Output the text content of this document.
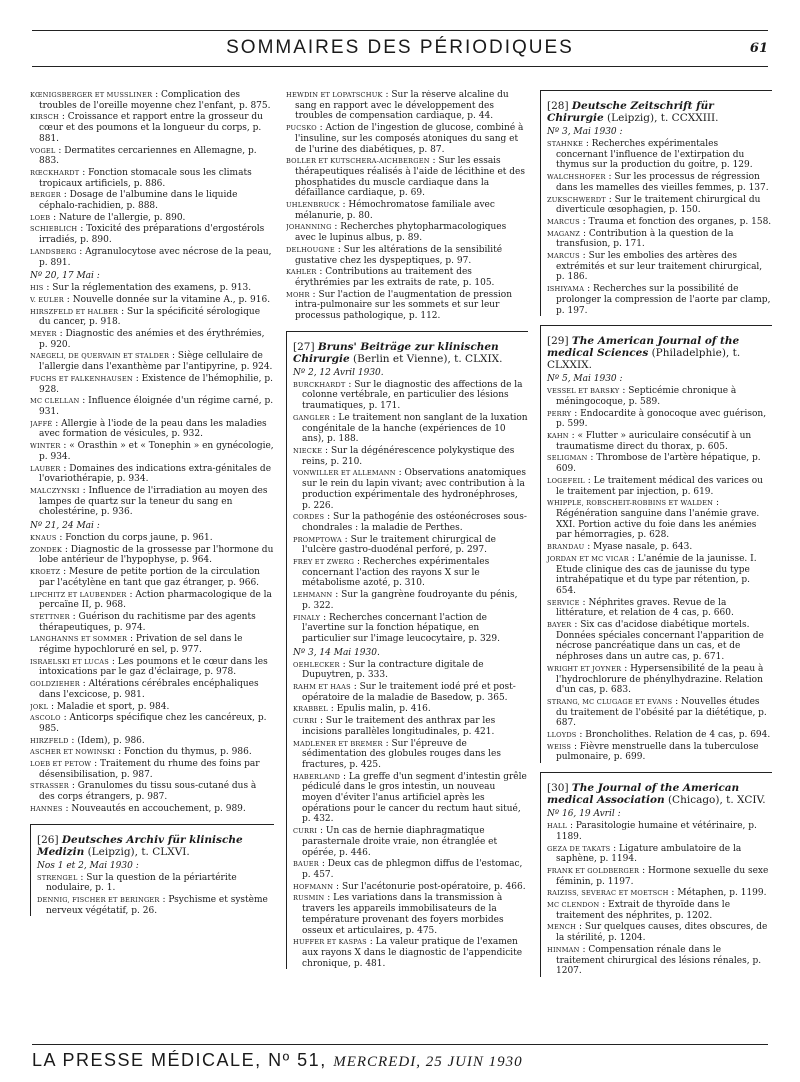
SOMMAIRES DES PÉRIODIQUES	61
KŒNIGSBERGER ET MUSSLINER : Complication des troubles de l'oreille moyenne chez l'enfant, p. 875.
KIRSCH : Croissance et rapport entre la grosseur du cœur et des poumons et la longueur du corps, p. 881.
VOGEL : Dermatites cercariennes en Allemagne, p. 883.
RŒCKHARDT : Fonction stomacale sous les climats tropicaux artificiels, p. 886.
BERGER : Dosage de l'albumine dans le liquide céphalo-rachidien, p. 888.
LOEB : Nature de l'allergie, p. 890.
SCHIEBLICH : Toxicité des préparations d'ergostérols irradiés, p. 890.
LANDSBERG : Agranulocytose avec nécrose de la peau, p. 891.
Nº 20, 17 Mai :
HIS : Sur la réglementation des examens, p. 913.
V. EULER : Nouvelle donnée sur la vitamine A., p. 916.
HIRSZFELD ET HALBER : Sur la spécificité sérologique du cancer, p. 918.
MEYER : Diagnostic des anémies et des érythrémies, p. 920.
NAEGELI, DE QUERVAIN ET STALDER : Siège cellulaire de l'allergie dans l'exanthème par l'antipyrine, p. 924.
FUCHS ET FALKENHAUSEN : Existence de l'hémophilie, p. 928.
MC CLELLAN : Influence éloignée d'un régime carné, p. 931.
JAFFÉ : Allergie à l'iode de la peau dans les maladies avec formation de vésicules, p. 932.
WINTER : « Orasthin » et « Tonephin » en gynécologie, p. 934.
LAUBER : Domaines des indications extra-génitales de l'ovariothérapie, p. 934.
MALCZYNSKI : Influence de l'irradiation au moyen des lampes de quartz sur la teneur du sang en cholestérine, p. 936.
Nº 21, 24 Mai :
KNAUS : Fonction du corps jaune, p. 961.
ZONDEK : Diagnostic de la grossesse par l'hormone du lobe antérieur de l'hypophyse, p. 964.
KROETZ : Mesure de petite portion de la circulation par l'acétylène en tant que gaz étranger, p. 966.
LIPCHITZ ET LAUBENDER : Action pharmacologique de la percaïne II, p. 968.
STETTNER : Guérison du rachitisme par des agents thérapeutiques, p. 974.
LANGHANNS ET SOMMER : Privation de sel dans le régime hypochloruré en sel, p. 977.
ISRAELSKI ET LUCAS : Les poumons et le cœur dans les intoxications par le gaz d'éclairage, p. 978.
GOLDZIEHER : Altérations cérébrales encéphaliques dans l'excicose, p. 981.
JOKL : Maladie et sport, p. 984.
ASCOLO : Anticorps spécifique chez les cancéreux, p. 985.
HIRZFELD : (Idem), p. 986.
ASCHER ET NOWINSKI : Fonction du thymus, p. 986.
LOEB ET PETOW : Traitement du rhume des foins par désensibilisation, p. 987.
STRASSER : Granulomes du tissu sous-cutané dus à des corps étrangers, p. 987.
HANNES : Nouveautés en accouchement, p. 989.
[26] Deutsches Archiv für klinische Medizin (Leipzig), t. CLXVI.
Nos 1 et 2, Mai 1930 :
STRENGEL : Sur la question de la périartérite nodulaire, p. 1.
DENNIG, FISCHER ET BERINGER : Psychisme et système nerveux végétatif, p. 26.
HEWDIN ET LOPATSCHUK : Sur la réserve alcaline du sang en rapport avec le développement des troubles de compensation cardiaque, p. 44.
PUCSKO : Action de l'ingestion de glucose, combiné à l'insuline, sur les composés atoniques du sang et de l'urine des diabétiques, p. 87.
BOLLER ET KUTSCHERA-AICHBERGEN : Sur les essais thérapeutiques réalisés à l'aide de lécithine et des phosphatides du muscle cardiaque dans la défaillance cardiaque, p. 69.
UHLENBRUCK : Hémochromatose familiale avec mélanurie, p. 80.
JOHANNING : Recherches phytopharmacologiques avec le lupinus albus, p. 89.
DELHOUGNE : Sur les altérations de la sensibilité gustative chez les dyspeptiques, p. 97.
KAHLER : Contributions au traitement des érythrémies par les extraits de rate, p. 105.
MOHR : Sur l'action de l'augmentation de pression intra-pulmonaire sur les sommets et sur leur processus pathologique, p. 112.
[27] Bruns' Beiträge zur klinischen Chirurgie (Berlin et Vienne), t. CLXIX.
Nº 2, 12 Avril 1930.
BURCKHARDT : Sur le diagnostic des affections de la colonne vertébrale, en particulier des lésions traumatiques, p. 171.
GANGLER : Le traitement non sanglant de la luxation congénitale de la hanche (expériences de 10 ans), p. 188.
NIECKE : Sur la dégénérescence polykystique des reins, p. 210.
VONWILLER ET ALLEMANN : Observations anatomiques sur le rein du lapin vivant; avec contribution à la production expérimentale des hydronéphroses, p. 226.
CORDES : Sur la pathogénie des ostéonécroses sous-chondrales : la maladie de Perthes.
PROMPTOWA : Sur le traitement chirurgical de l'ulcère gastro-duodénal perforé, p. 297.
FREY ET ZWERG : Recherches expérimentales concernant l'action des rayons X sur le métabolisme azoté, p. 310.
LEHMANN : Sur la gangrène foudroyante du pénis, p. 322.
FINALY : Recherches concernant l'action de l'avertine sur la fonction hépatique, en particulier sur l'image leucocytaire, p. 329.
Nº 3, 14 Mai 1930.
OEHLECKER : Sur la contracture digitale de Dupuytren, p. 333.
RAHM ET HAAS : Sur le traitement iodé pré et post-opératoire de la maladie de Basedow, p. 365.
KRABBEL : Epulis malin, p. 416.
CURRI : Sur le traitement des anthrax par les incisions parallèles longitudinales, p. 421.
MADLENER ET BREMER : Sur l'épreuve de sédimentation des globules rouges dans les fractures, p. 425.
HABERLAND : La greffe d'un segment d'intestin grêle pédiculé dans le gros intestin, un nouveau moyen d'éviter l'anus artificiel après les opérations pour le cancer du rectum haut situé, p. 432.
CURRI : Un cas de hernie diaphragmatique parasternale droite vraie, non étranglée et opérée, p. 446.
BAUER : Deux cas de phlegmon diffus de l'estomac, p. 457.
HOFMANN : Sur l'acétonurie post-opératoire, p. 466.
RUSMIN : Les variations dans la transmission à travers les appareils immobilisateurs de la température provenant des foyers morbides osseux et articulaires, p. 475.
HUFFER ET KASPAS : La valeur pratique de l'examen aux rayons X dans le diagnostic de l'appendicite chronique, p. 481.
[28] Deutsche Zeitschrift für Chirurgie (Leipzig), t. CCXXIII.
Nº 3, Mai 1930 :
STAHNKE : Recherches expérimentales concernant l'influence de l'extirpation du thymus sur la production du goitre, p. 129.
WALCHSHOFER : Sur les processus de régression dans les mamelles des vieilles femmes, p. 137.
ZUKSCHWERDT : Sur le traitement chirurgical du diverticule œsophagien, p. 150.
MARCUS : Trauma et fonction des organes, p. 158.
MAGANZ : Contribution à la question de la transfusion, p. 171.
MARCUS : Sur les embolies des artères des extrémités et sur leur traitement chirurgical, p. 186.
ISHIYAMA : Recherches sur la possibilité de prolonger la compression de l'aorte par clamp, p. 197.
[29] The American Journal of the medical Sciences (Philadelphie), t. CLXXIX.
Nº 5, Mai 1930 :
VESSEL ET BARSKY : Septicémie chronique à méningocoque, p. 589.
PERRY : Endocardite à gonocoque avec guérison, p. 599.
KAHN : « Flutter » auriculaire consécutif à un traumatisme direct du thorax, p. 605.
SELIGMAN : Thrombose de l'artère hépatique, p. 609.
LOGEFEIL : Le traitement médical des varices ou le traitement par injection, p. 619.
WHIPPLE, ROBSCHEIT-ROBBINS ET WALDEN : Régénération sanguine dans l'anémie grave. XXI. Portion active du foie dans les anémies par hémorragies, p. 628.
BRANDAU : Myase nasale, p. 643.
JORDAN ET MC VICAR : L'anémie de la jaunisse. I. Etude clinique des cas de jaunisse du type intrahépatique et du type par rétention, p. 654.
SERVICE : Néphrites graves. Revue de la littérature, et relation de 4 cas, p. 660.
BAYER : Six cas d'acidose diabétique mortels. Données spéciales concernant l'apparition de nécrose pancréatique dans un cas, et de néphroses dans un autre cas, p. 671.
WRIGHT ET JOYNER : Hypersensibilité de la peau à l'hydrochlorure de phénylhydrazine. Relation d'un cas, p. 683.
STRANG, MC CLUGAGE ET EVANS : Nouvelles études du traitement de l'obésité par la diététique, p. 687.
LLOYDS : Broncholithes. Relation de 4 cas, p. 694.
WEISS : Fièvre menstruelle dans la tuberculose pulmonaire, p. 699.
[30] The Journal of the American medical Association (Chicago), t. XCIV.
Nº 16, 19 Avril :
HALL : Parasitologie humaine et vétérinaire, p. 1189.
GEZA DE TAKATS : Ligature ambulatoire de la saphène, p. 1194.
FRANK ET GOLDBERGER : Hormone sexuelle du sexe féminin, p. 1197.
RAIZISS, SEVERAC ET MOETSCH : Métaphen, p. 1199.
MC CLENDON : Extrait de thyroïde dans le traitement des néphrites, p. 1202.
MENCH : Sur quelques causes, dites obscures, de la stérilité, p. 1204.
HINMAN : Compensation rénale dans le traitement chirurgical des lésions rénales, p. 1207.
LA PRESSE MÉDICALE, Nº 51, MERCREDI, 25 JUIN 1930
